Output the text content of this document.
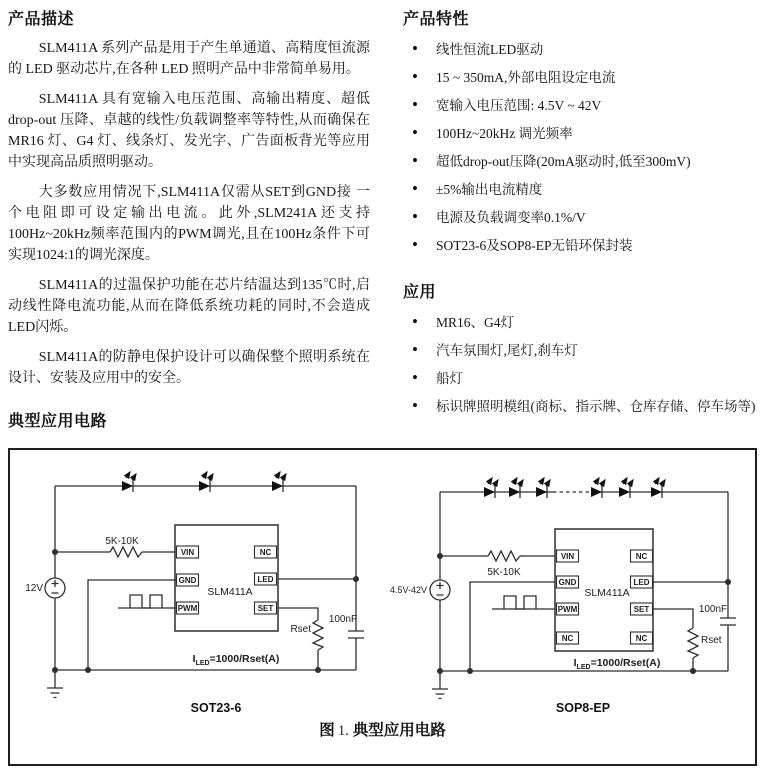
产品描述

SLM411A 系列产品是用于产生单通道、高精度恒流源的 LED 驱动芯片,在各种 LED 照明产品中非常简单易用。

SLM411A 具有宽输入电压范围、高输出精度、超低 drop-out 压降、卓越的线性/负载调整率等特性,从而确保在 MR16 灯、G4 灯、线条灯、发光字、广告面板背光等应用中实现高品质照明驱动。

大多数应用情况下,SLM411A仅需从SET到GND接 一个电阻即可设定输出电流。此外,SLM241A还支持100Hz~20kHz频率范围内的PWM调光,且在100Hz条件下可实现1024:1的调光深度。

SLM411A的过温保护功能在芯片结温达到135℃时,启动线性降电流功能,从而在降低系统功耗的同时,不会造成LED闪烁。

SLM411A的防静电保护设计可以确保整个照明系统在设计、安装及应用中的安全。

典型应用电路
产品特性
• 线性恒流LED驱动
• 15 ~ 350mA,外部电阻设定电流
• 宽输入电压范围: 4.5V ~ 42V
• 100Hz~20kHz 调光频率
• 超低drop-out压降(20mA驱动时,低至300mV)
• ±5%输出电流精度
• 电源及负载调变率0.1%/V
• SOT23-6及SOP8-EP无铅环保封装
应用
• MR16、G4灯
• 汽车氛围灯,尾灯,刹车灯
• 船灯
• 标识牌照明模组(商标、指示牌、仓库存储、停车场等)
5K-10K
Rset
100nF
12V
VIN
GND
PWM
NC
LED
SET
SLM411A
$I_{LED}=1000/Rset(A)$
SOT23-6
5K-10K
Rset
100nF
4.5V-42V
VIN
GND
PWM
NC
NC
LED
SET
NC
SLM411A
$I_{LED}=1000/Rset(A)$
SOP8-EP
图 1. 典型应用电路
